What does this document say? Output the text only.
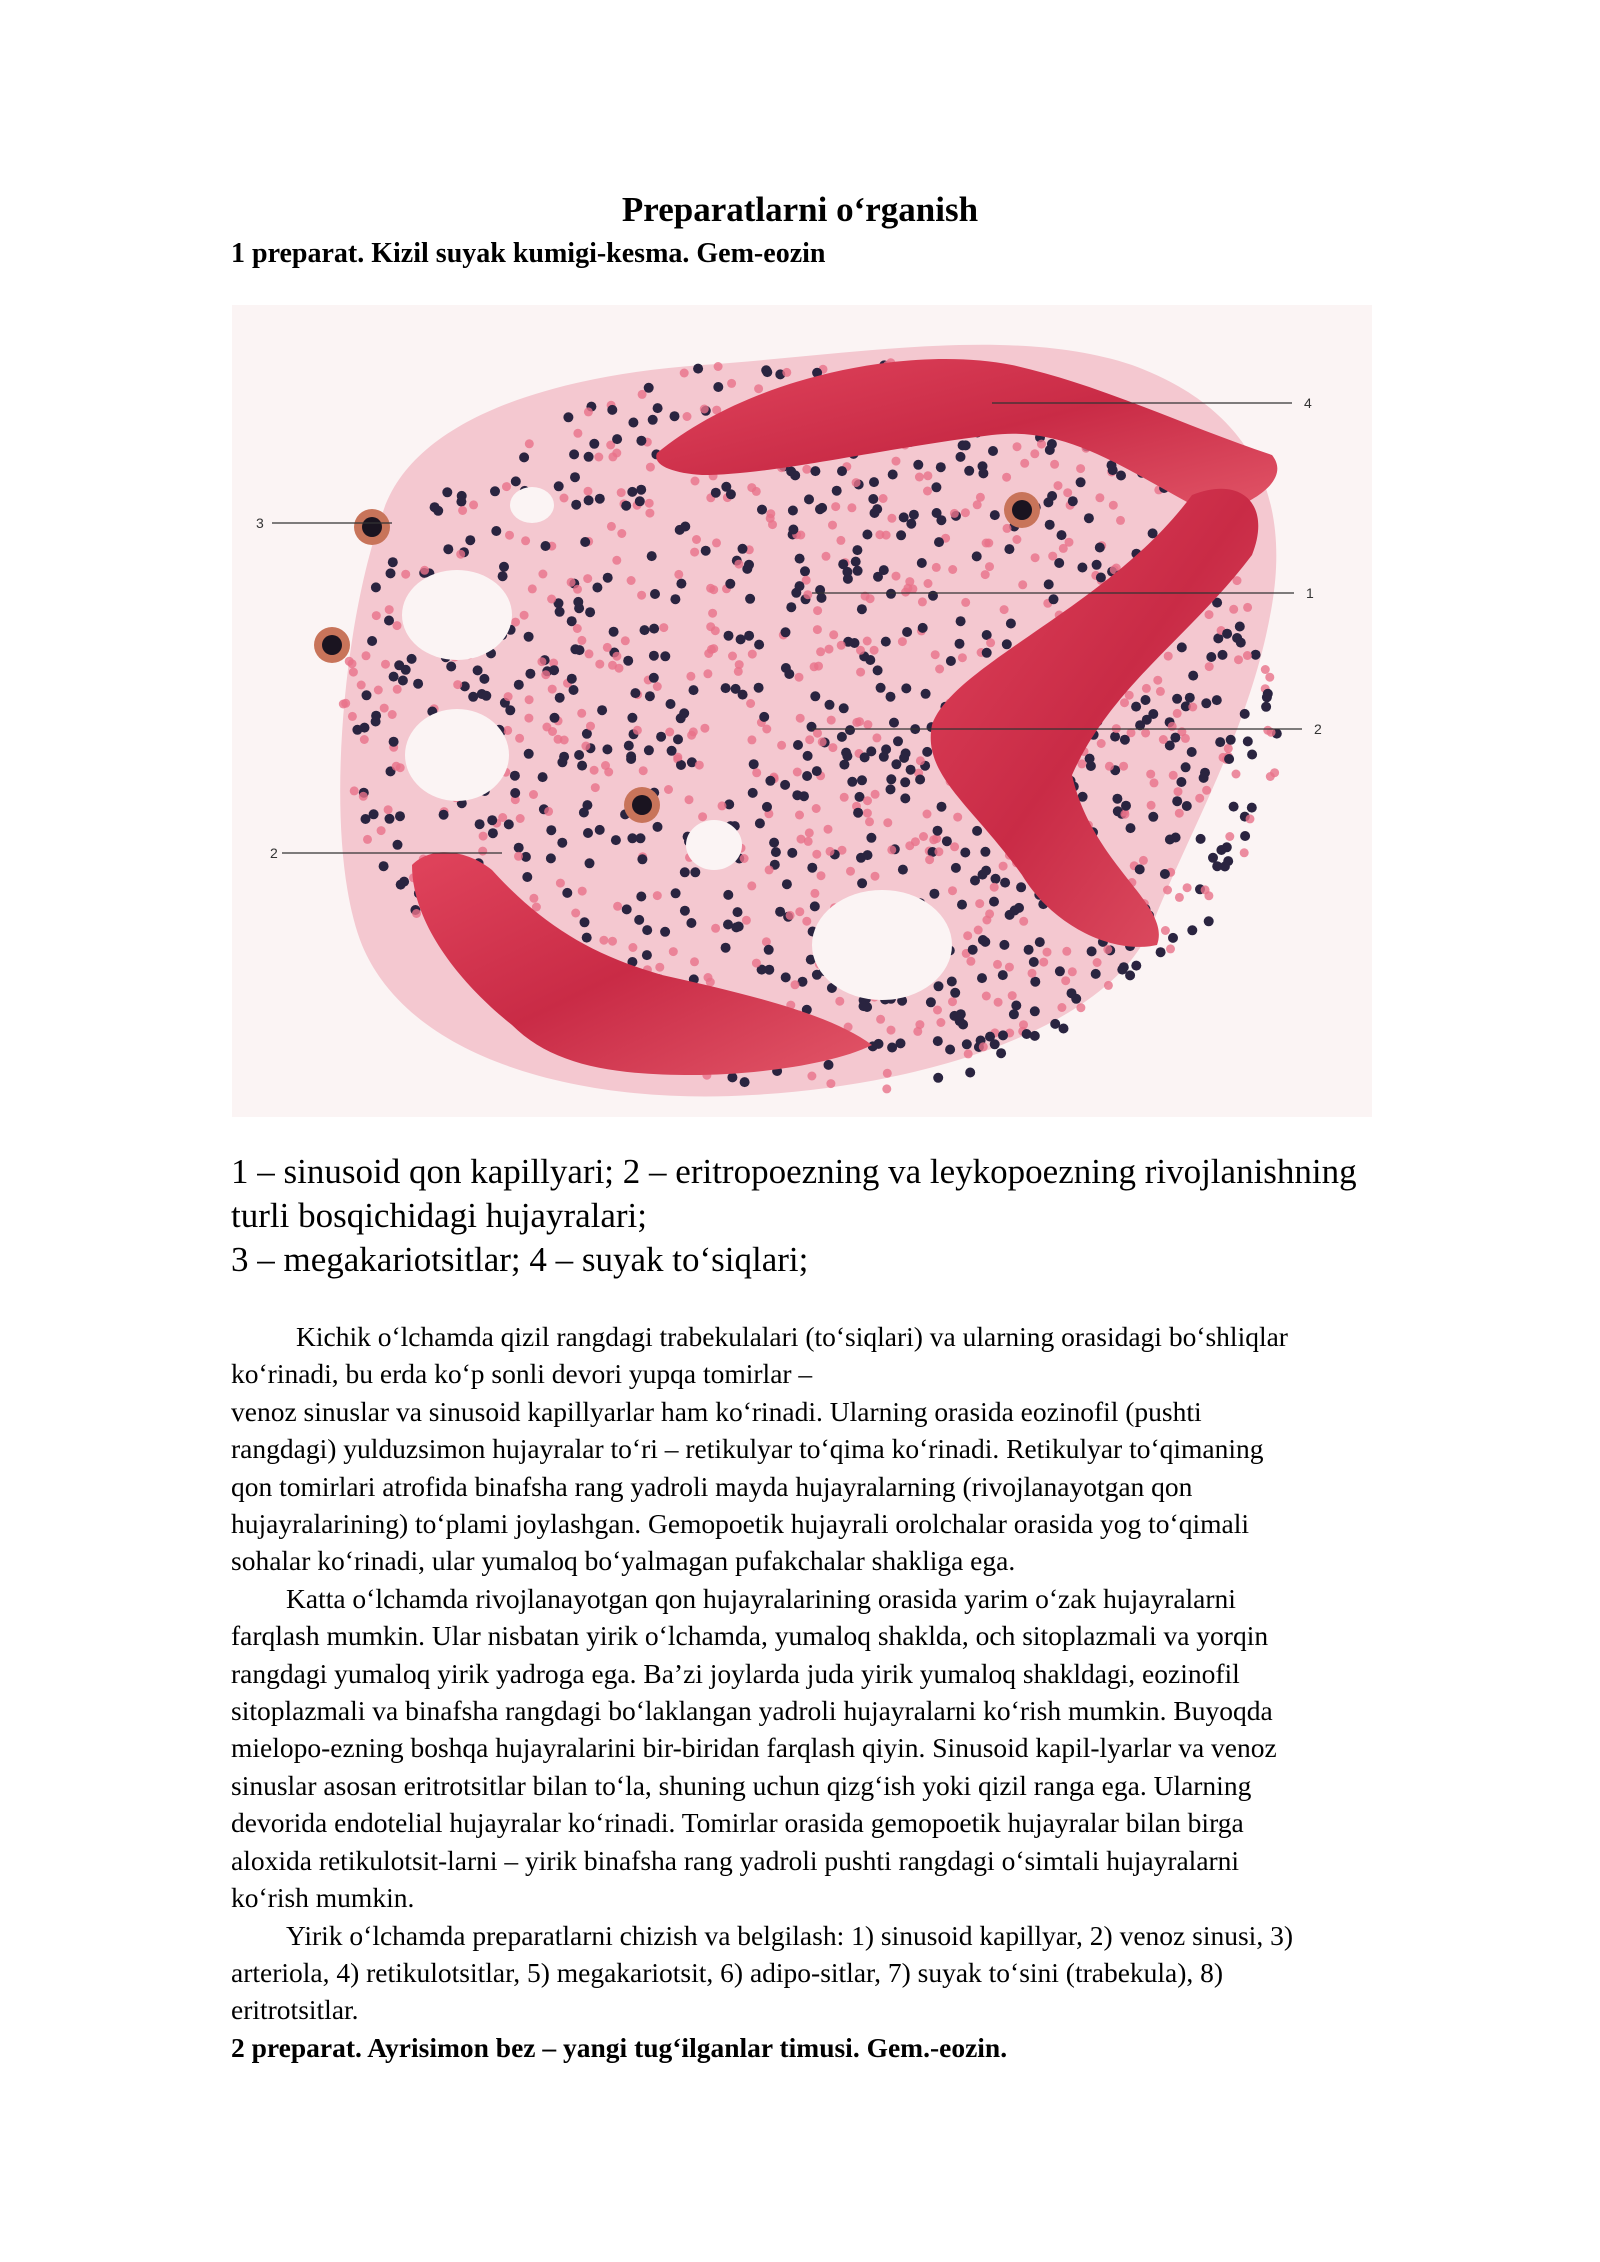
Preparatlarni o‘rganish
1 preparat. Kizil suyak kumigi-kesma. Gem-eozin
4
3
1
2
2
1 – sinusoid qon kapillyari; 2 – eritropoezning va leykopoezning rivojlanishning
turli bosqichidagi hujayralari;
3 – megakariotsitlar; 4 – suyak to‘siqlari;
Kichik o‘lchamda qizil rangdagi trabekulalari (to‘siqlari) va ularning orasidagi bo‘shliqlar
ko‘rinadi, bu erda ko‘p sonli devori yupqa tomirlar –
venoz sinuslar va sinusoid kapillyarlar ham ko‘rinadi. Ularning orasida eozinofil (pushti
rangdagi) yulduzsimon hujayralar to‘ri – retikulyar to‘qima ko‘rinadi. Retikulyar to‘qimaning
qon tomirlari atrofida binafsha rang yadroli mayda hujayralarning (rivojlanayotgan qon
hujayralarining) to‘plami joylashgan. Gemopoetik hujayrali orolchalar orasida yog to‘qimali
sohalar ko‘rinadi, ular yumaloq bo‘yalmagan pufakchalar shakliga ega.
Katta o‘lchamda rivojlanayotgan qon hujayralarining orasida yarim o‘zak hujayralarni
farqlash mumkin. Ular nisbatan yirik o‘lchamda, yumaloq shaklda, och sitoplazmali va yorqin
rangdagi yumaloq yirik yadroga ega. Ba’zi joylarda juda yirik yumaloq shakldagi, eozinofil
sitoplazmali va binafsha rangdagi bo‘laklangan yadroli hujayralarni ko‘rish mumkin. Buyoqda
mielopo-ezning boshqa hujayralarini bir-biridan farqlash qiyin. Sinusoid kapil-lyarlar va venoz
sinuslar asosan eritrotsitlar bilan to‘la, shuning uchun qizg‘ish yoki qizil ranga ega. Ularning
devorida endotelial hujayralar ko‘rinadi. Tomirlar orasida gemopoetik hujayralar bilan birga
aloxida retikulotsit-larni – yirik binafsha rang yadroli pushti rangdagi o‘simtali hujayralarni
ko‘rish mumkin.
Yirik o‘lchamda preparatlarni chizish va belgilash: 1) sinusoid kapillyar, 2) venoz sinusi, 3)
arteriola, 4) retikulotsitlar, 5) megakariotsit, 6) adipo-sitlar, 7) suyak to‘sini (trabekula), 8)
eritrotsitlar.
2 preparat. Ayrisimon bez – yangi tug‘ilganlar timusi. Gem.-eozin.
